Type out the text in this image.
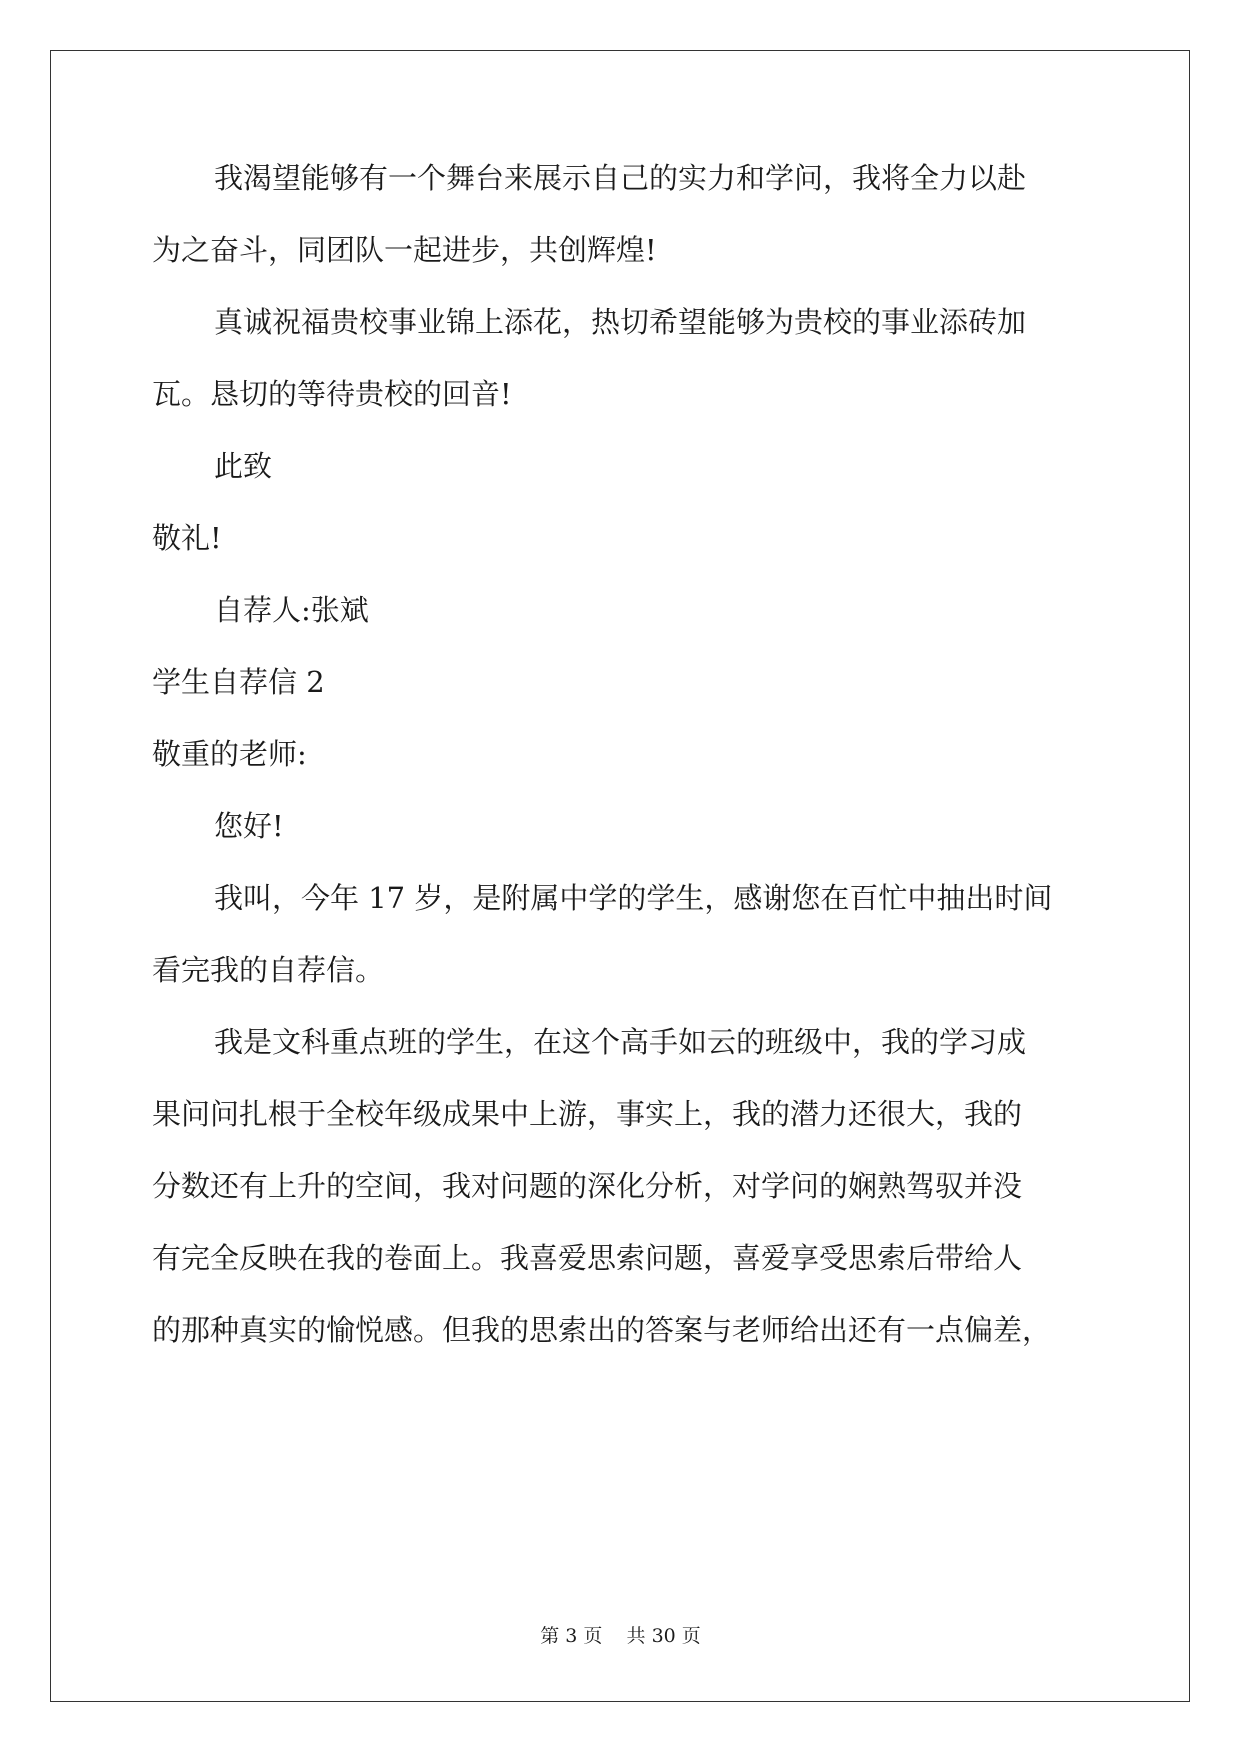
我渴望能够有一个舞台来展示自己的实力和学问，我将全力以赴
为之奋斗，同团队一起进步，共创辉煌!
真诚祝福贵校事业锦上添花，热切希望能够为贵校的事业添砖加
瓦。恳切的等待贵校的回音!
此致
敬礼!
自荐人:张斌
学生自荐信 2
敬重的老师:
您好!
我叫，今年 17 岁，是附属中学的学生，感谢您在百忙中抽出时间
看完我的自荐信。
我是文科重点班的学生，在这个高手如云的班级中，我的学习成
果问问扎根于全校年级成果中上游，事实上，我的潜力还很大，我的
分数还有上升的空间，我对问题的深化分析，对学问的娴熟驾驭并没
有完全反映在我的卷面上。我喜爱思索问题，喜爱享受思索后带给人
的那种真实的愉悦感。但我的思索出的答案与老师给出还有一点偏差，
第 3 页    共 30 页
